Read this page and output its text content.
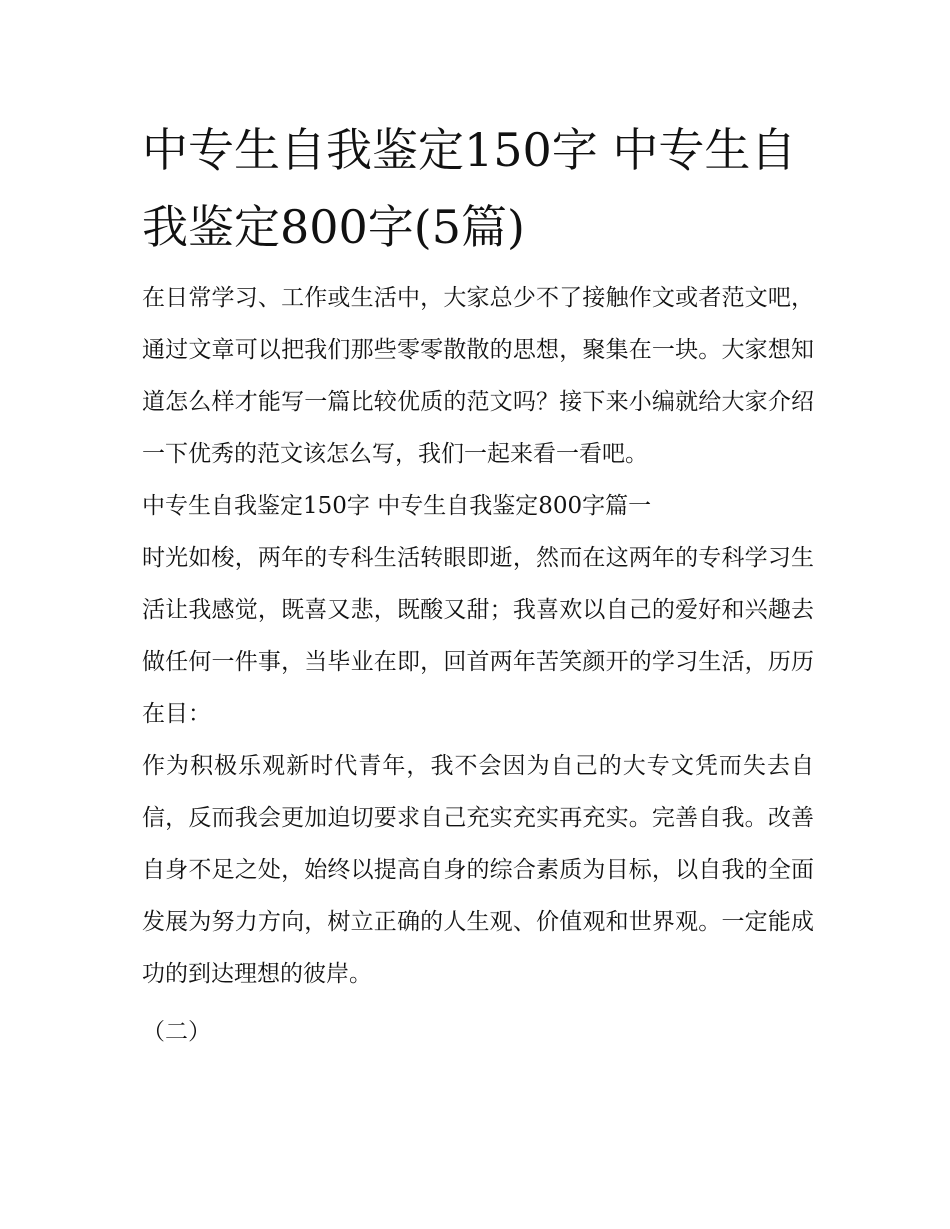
中专生自我鉴定150字 中专生自我鉴定800字(5篇)

在日常学习、工作或生活中，大家总少不了接触作文或者范文吧，通过文章可以把我们那些零零散散的思想，聚集在一块。大家想知道怎么样才能写一篇比较优质的范文吗？接下来小编就给大家介绍一下优秀的范文该怎么写，我们一起来看一看吧。

中专生自我鉴定150字 中专生自我鉴定800字篇一

时光如梭，两年的专科生活转眼即逝，然而在这两年的专科学习生活让我感觉，既喜又悲，既酸又甜；我喜欢以自己的爱好和兴趣去做任何一件事，当毕业在即，回首两年苦笑颜开的学习生活，历历在目：

作为积极乐观新时代青年，我不会因为自己的大专文凭而失去自信，反而我会更加迫切要求自己充实充实再充实。完善自我。改善自身不足之处，始终以提高自身的综合素质为目标，以自我的全面发展为努力方向，树立正确的人生观、价值观和世界观。一定能成功的到达理想的彼岸。

（二）
